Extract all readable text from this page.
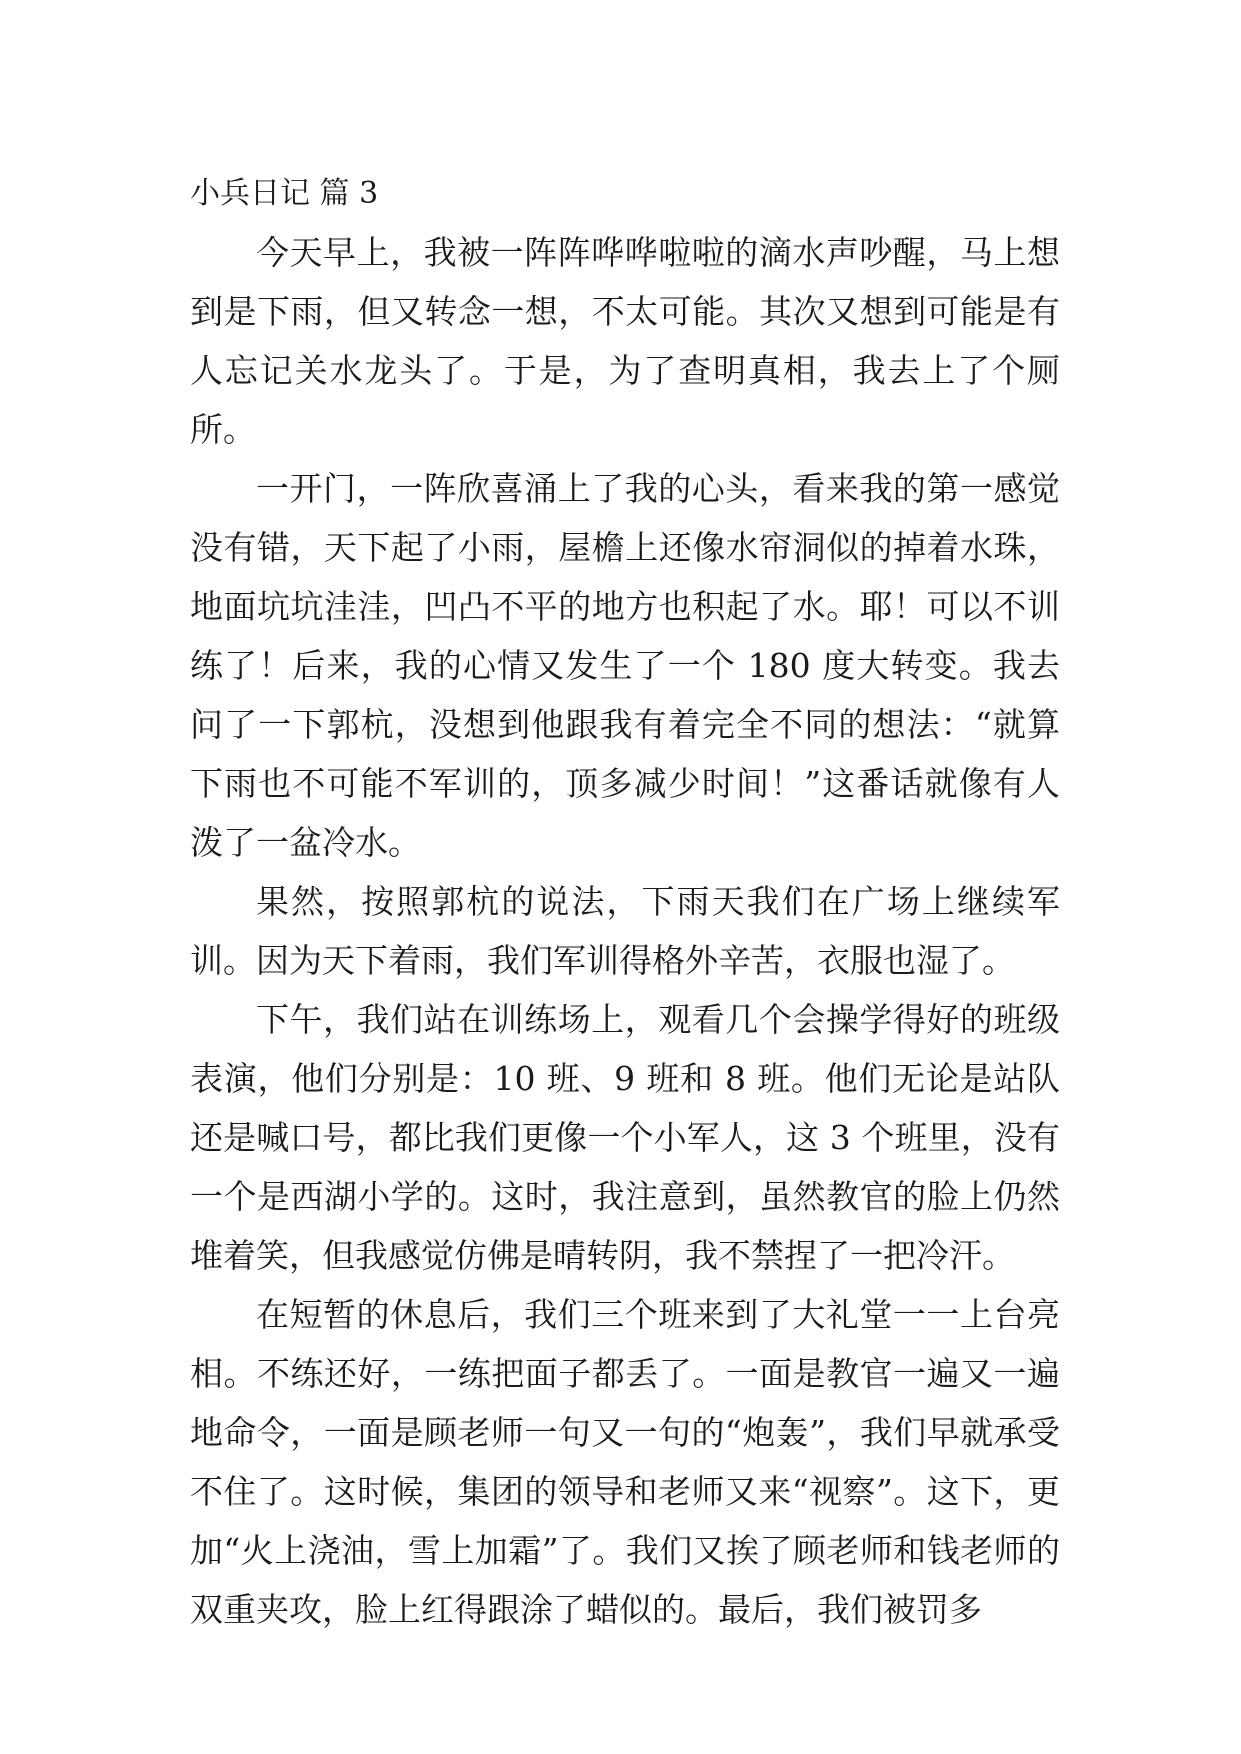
小兵日记 篇 3

今天早上，我被一阵阵哗哗啦啦的滴水声吵醒，马上想到是下雨，但又转念一想，不太可能。其次又想到可能是有人忘记关水龙头了。于是，为了查明真相，我去上了个厕所。

一开门，一阵欣喜涌上了我的心头，看来我的第一感觉没有错，天下起了小雨，屋檐上还像水帘洞似的掉着水珠，地面坑坑洼洼，凹凸不平的地方也积起了水。耶！可以不训练了！后来，我的心情又发生了一个 180 度大转变。我去问了一下郭杭，没想到他跟我有着完全不同的想法：“就算下雨也不可能不军训的，顶多减少时间！”这番话就像有人泼了一盆冷水。

果然，按照郭杭的说法，下雨天我们在广场上继续军训。因为天下着雨，我们军训得格外辛苦，衣服也湿了。

下午，我们站在训练场上，观看几个会操学得好的班级表演，他们分别是：10 班、9 班和 8 班。他们无论是站队还是喊口号，都比我们更像一个小军人，这 3 个班里，没有一个是西湖小学的。这时，我注意到，虽然教官的脸上仍然堆着笑，但我感觉仿佛是晴转阴，我不禁捏了一把冷汗。

在短暂的休息后，我们三个班来到了大礼堂一一上台亮相。不练还好，一练把面子都丢了。一面是教官一遍又一遍地命令，一面是顾老师一句又一句的“炮轰”，我们早就承受不住了。这时候，集团的领导和老师又来“视察”。这下，更加“火上浇油，雪上加霜”了。我们又挨了顾老师和钱老师的双重夹攻，脸上红得跟涂了蜡似的。最后，我们被罚多
